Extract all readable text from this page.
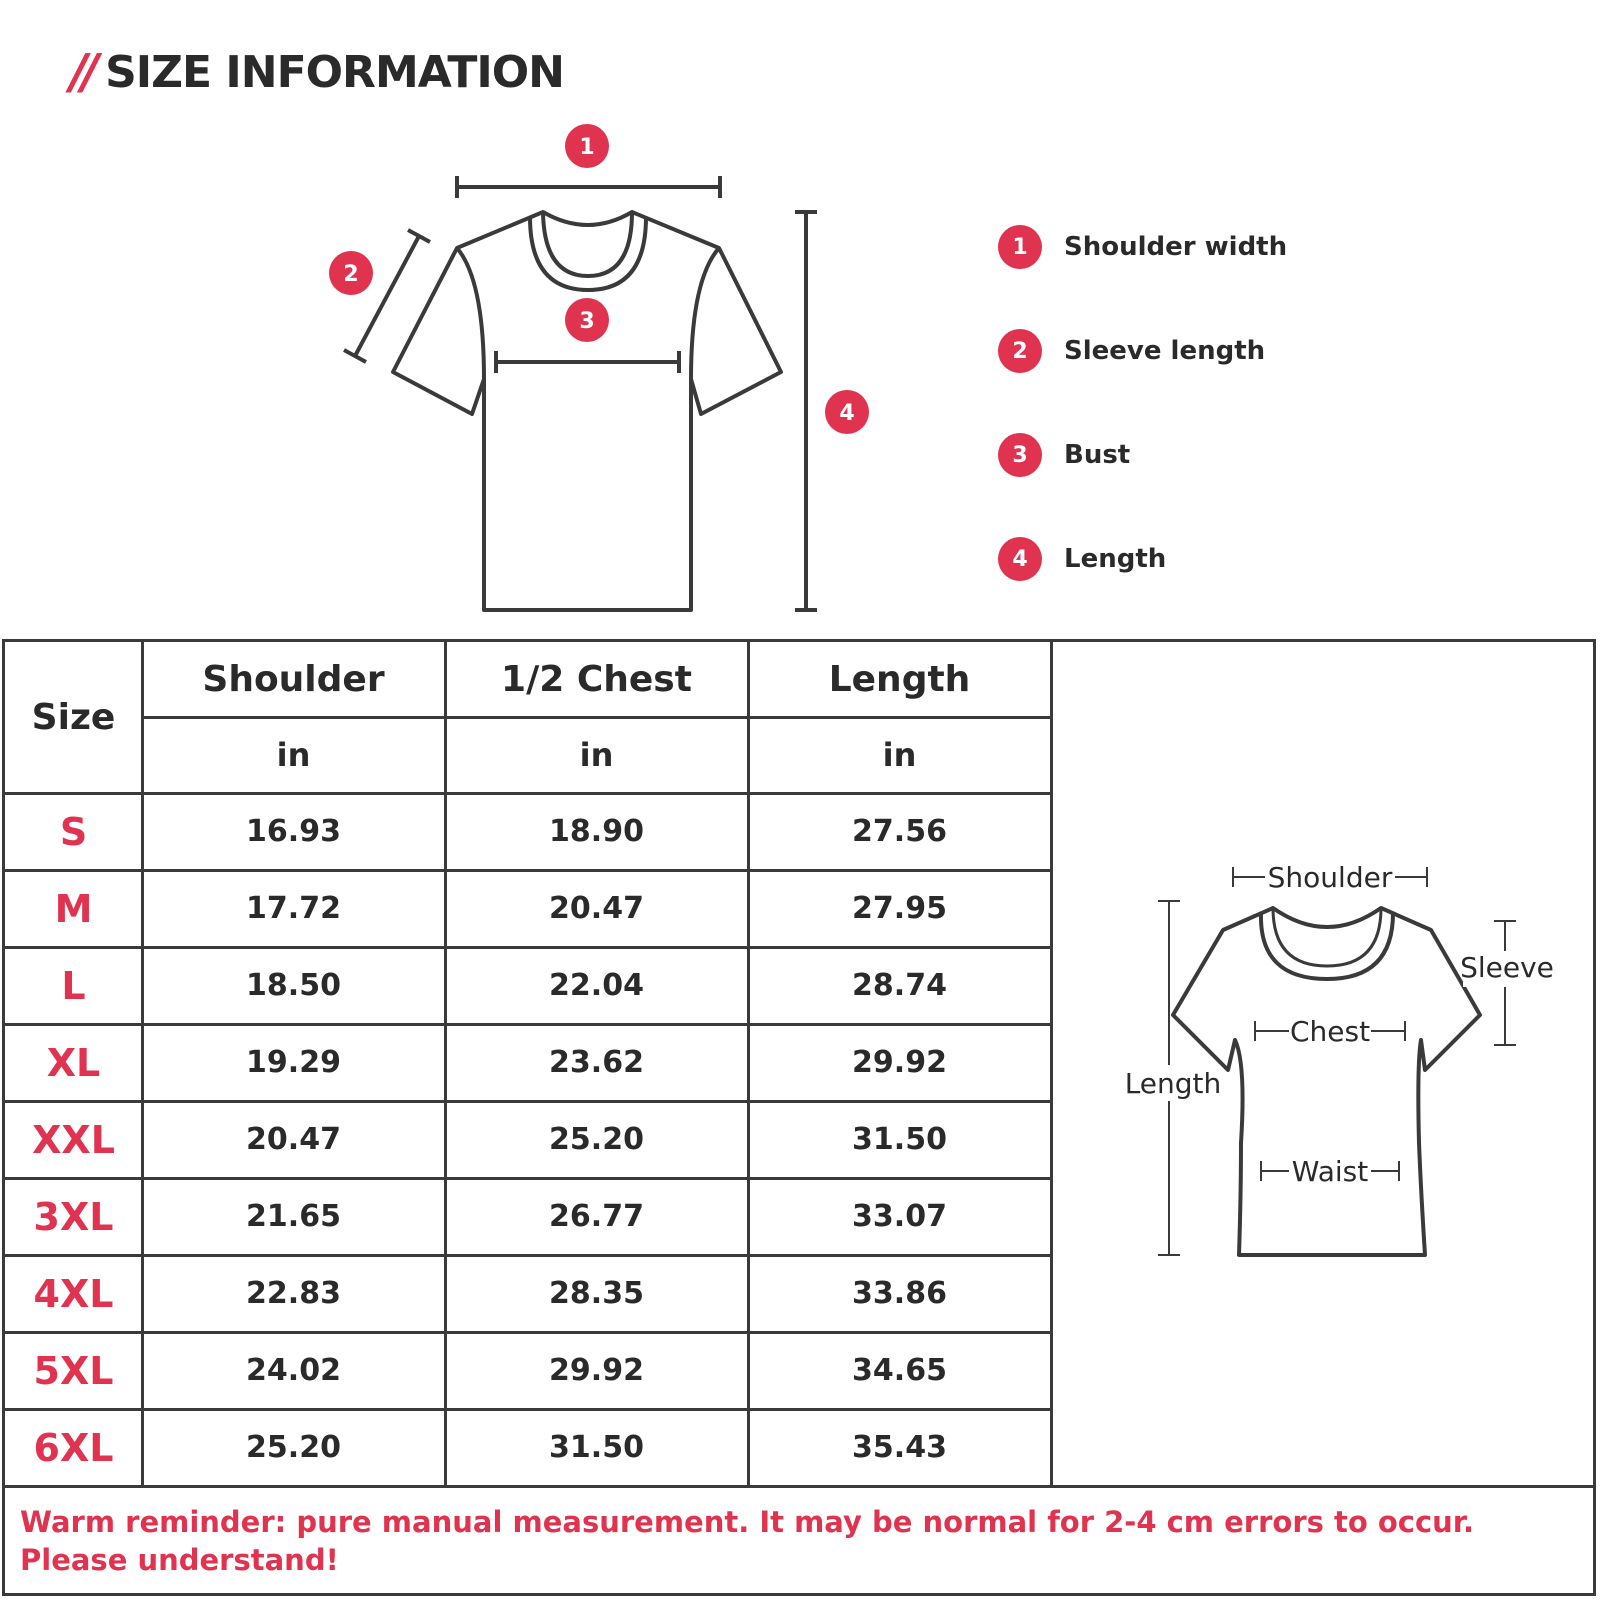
// SIZE INFORMATION
1
2
3
4
1	Shoulder width
2	Sleeve length
3	Bust
4	Length
Size
Shoulder
in
1/2 Chest
in
Length
in
S	16.93	18.90	27.56
M	17.72	20.47	27.95
L	18.50	22.04	28.74
XL	19.29	23.62	29.92
XXL	20.47	25.20	31.50
3XL	21.65	26.77	33.07
4XL	22.83	28.35	33.86
5XL	24.02	29.92	34.65
6XL	25.20	31.50	35.43
Shoulder
Length
Sleeve
Chest
Waist
Warm reminder: pure manual measurement. It may be normal for 2-4 cm errors to occur.
Please understand!
